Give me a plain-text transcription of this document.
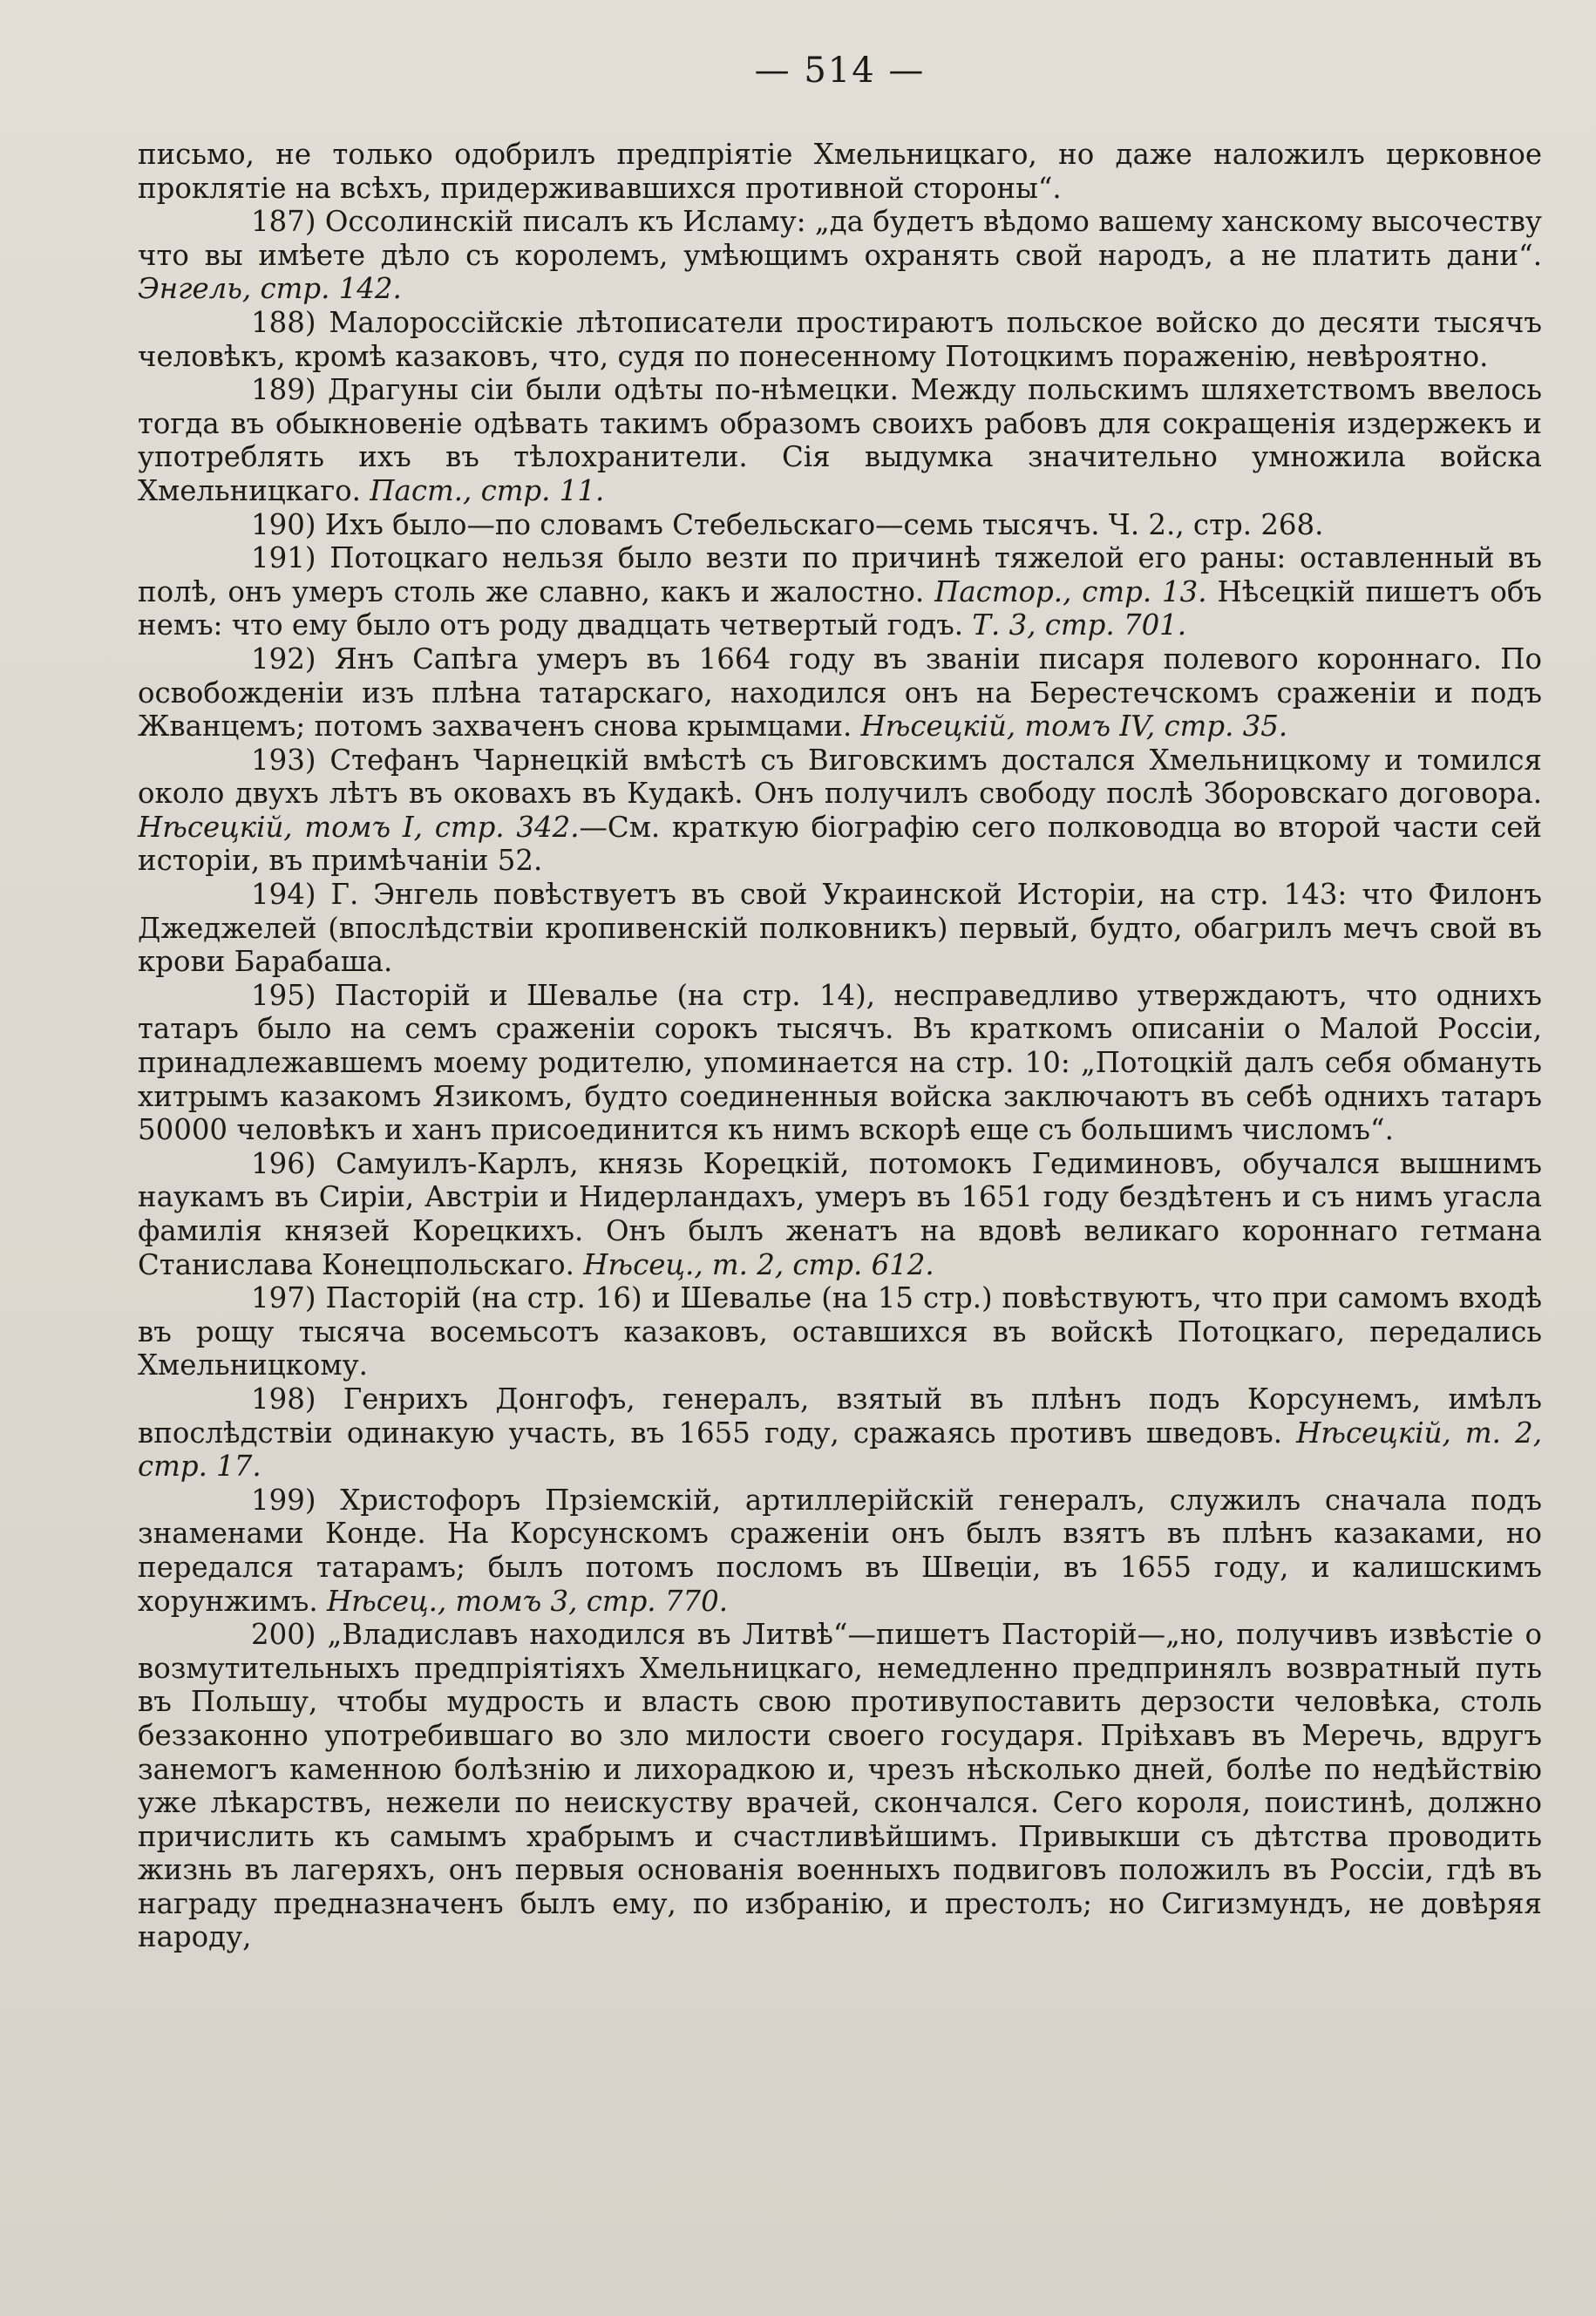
— 514 —

письмо, не только одобрилъ предпріятіе Хмельницкаго, но даже наложилъ церковное проклятіе на всѣхъ, придерживавшихся противной стороны“.

187) Оссолинскій писалъ къ Исламу: „да будетъ вѣдомо вашему ханскому высочеству что вы имѣете дѣло съ королемъ, умѣющимъ охранять свой народъ, а не платить дани“. Энгель, стр. 142.

188) Малороссійскіе лѣтописатели простираютъ польское войско до десяти тысячъ человѣкъ, кромѣ казаковъ, что, судя по понесенному Потоцкимъ пораженію, невѣроятно.

189) Драгуны сіи были одѣты по-нѣмецки. Между польскимъ шляхетствомъ ввелось тогда въ обыкновеніе одѣвать такимъ образомъ своихъ рабовъ для сокращенія издержекъ и употреблять ихъ въ тѣлохранители. Сія выдумка значительно умножила войска Хмельницкаго. Паст., стр. 11.

190) Ихъ было—по словамъ Стебельскаго—семь тысячъ. Ч. 2., стр. 268.

191) Потоцкаго нельзя было везти по причинѣ тяжелой его раны: оставленный въ полѣ, онъ умеръ столь же славно, какъ и жалостно. Пастор., стр. 13. Нѣсецкій пишетъ объ немъ: что ему было отъ роду двадцать четвертый годъ. Т. 3, стр. 701.

192) Янъ Сапѣга умеръ въ 1664 году въ званіи писаря полевого короннаго. По освобожденіи изъ плѣна татарскаго, находился онъ на Берестечскомъ сраженіи и подъ Жванцемъ; потомъ захваченъ снова крымцами. Нѣсецкій, томъ IV, стр. 35.

193) Стефанъ Чарнецкій вмѣстѣ съ Виговскимъ достался Хмельницкому и томился около двухъ лѣтъ въ оковахъ въ Кудакѣ. Онъ получилъ свободу послѣ Зборовскаго договора. Нѣсецкій, томъ I, стр. 342.—См. краткую біографію сего полководца во второй части сей исторіи, въ примѣчаніи 52.

194) Г. Энгель повѣствуетъ въ свой Украинской Исторіи, на стр. 143: что Филонъ Джеджелей (впослѣдствіи кропивенскій полковникъ) первый, будто, обагрилъ мечъ свой въ крови Барабаша.

195) Пасторій и Шевалье (на стр. 14), несправедливо утверждаютъ, что однихъ татаръ было на семъ сраженіи сорокъ тысячъ. Въ краткомъ описаніи о Малой Россіи, принадлежавшемъ моему родителю, упоминается на стр. 10: „Потоцкій далъ себя обмануть хитрымъ казакомъ Язикомъ, будто соединенныя войска заключаютъ въ себѣ однихъ татаръ 50000 человѣкъ и ханъ присоединится къ нимъ вскорѣ еще съ большимъ числомъ“.

196) Самуилъ-Карлъ, князь Корецкій, потомокъ Гедиминовъ, обучался вышнимъ наукамъ въ Сиріи, Австріи и Нидерландахъ, умеръ въ 1651 году бездѣтенъ и съ нимъ угасла фамилія князей Корецкихъ. Онъ былъ женатъ на вдовѣ великаго короннаго гетмана Станислава Конецпольскаго. Нѣсец., т. 2, стр. 612.

197) Пасторій (на стр. 16) и Шевалье (на 15 стр.) повѣствуютъ, что при самомъ входѣ въ рощу тысяча восемьсотъ казаковъ, оставшихся въ войскѣ Потоцкаго, передались Хмельницкому.

198) Генрихъ Донгофъ, генералъ, взятый въ плѣнъ подъ Корсунемъ, имѣлъ впослѣдствіи одинакую участь, въ 1655 году, сражаясь противъ шведовъ. Нѣсецкій, т. 2, стр. 17.

199) Христофоръ Прзіемскій, артиллерійскій генералъ, служилъ сначала подъ знаменами Конде. На Корсунскомъ сраженіи онъ былъ взятъ въ плѣнъ казаками, но передался татарамъ; былъ потомъ посломъ въ Швеціи, въ 1655 году, и калишскимъ хорунжимъ. Нѣсец., томъ 3, стр. 770.

200) „Владиславъ находился въ Литвѣ“—пишетъ Пасторій—„но, получивъ извѣстіе о возмутительныхъ предпріятіяхъ Хмельницкаго, немедленно предпринялъ возвратный путь въ Польшу, чтобы мудрость и власть свою противупоставить дерзости человѣка, столь беззаконно употребившаго во зло милости своего государя. Пріѣхавъ въ Меречь, вдругъ занемогъ каменною болѣзнію и лихорадкою и, чрезъ нѣсколько дней, болѣе по недѣйствію уже лѣкарствъ, нежели по неискуству врачей, скончался. Сего короля, поистинѣ, должно причислить къ самымъ храбрымъ и счастливѣйшимъ. Привыкши съ дѣтства проводить жизнь въ лагеряхъ, онъ первыя основанія военныхъ подвиговъ положилъ въ Россіи, гдѣ въ награду предназначенъ былъ ему, по избранію, и престолъ; но Сигизмундъ, не довѣряя народу,
